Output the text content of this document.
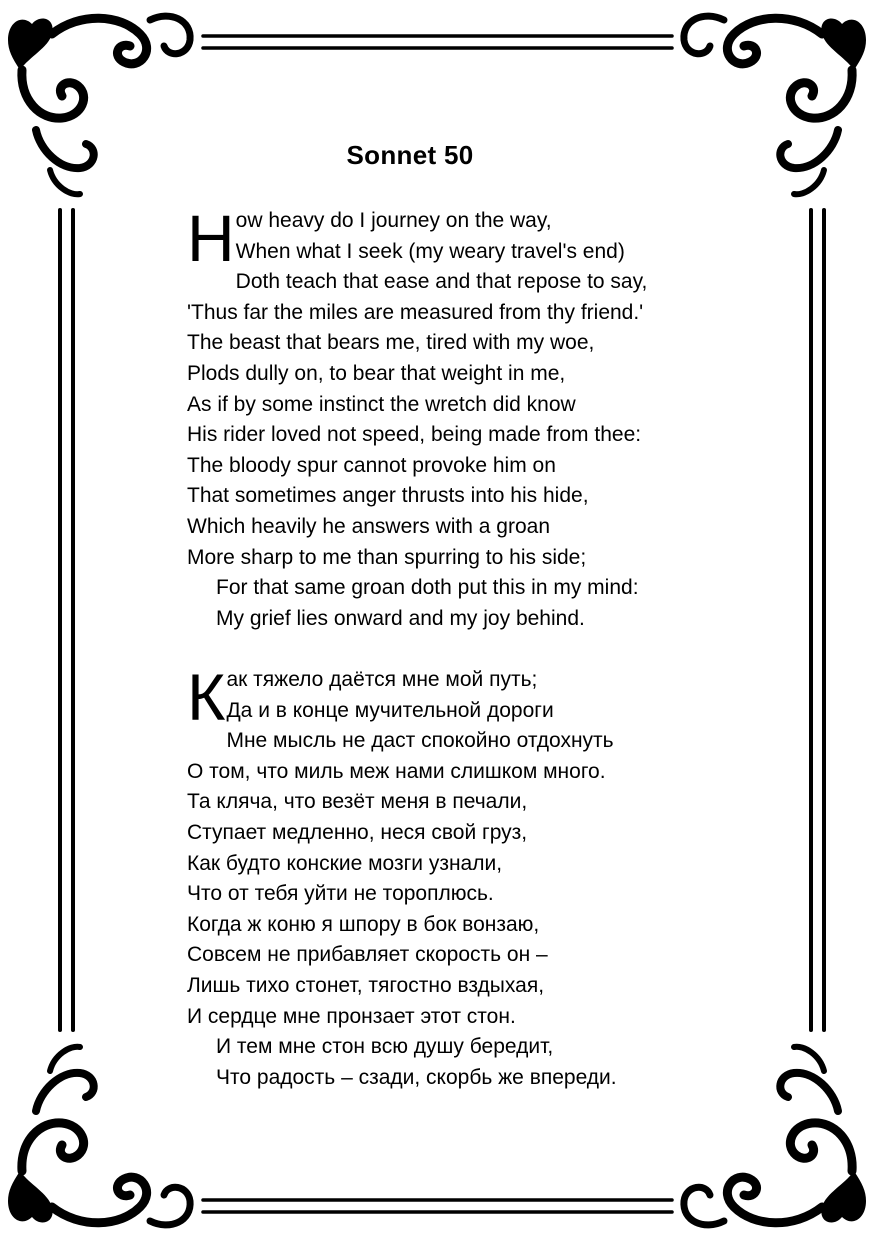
Sonnet 50
H ow heavy do I journey on the way,
When what I seek (my weary travel's end)
Doth teach that ease and that repose to say,
'Thus far the miles are measured from thy friend.'
The beast that bears me, tired with my woe,
Plods dully on, to bear that weight in me,
As if by some instinct the wretch did know
His rider loved not speed, being made from thee:
The bloody spur cannot provoke him on
That sometimes anger thrusts into his hide,
Which heavily he answers with a groan
More sharp to me than spurring to his side;
For that same groan doth put this in my mind:
My grief lies onward and my joy behind.
К ак тяжело даётся мне мой путь;
Да и в конце мучительной дороги
Мне мысль не даст спокойно отдохнуть
О том, что миль меж нами слишком много.
Та кляча, что везёт меня в печали,
Ступает медленно, неся свой груз,
Как будто конские мозги узнали,
Что от тебя уйти не тороплюсь.
Когда ж коню я шпору в бок вонзаю,
Совсем не прибавляет скорость он –
Лишь тихо стонет, тягостно вздыхая,
И сердце мне пронзает этот стон.
И тем мне стон всю душу бередит,
Что радость – сзади, скорбь же впереди.
